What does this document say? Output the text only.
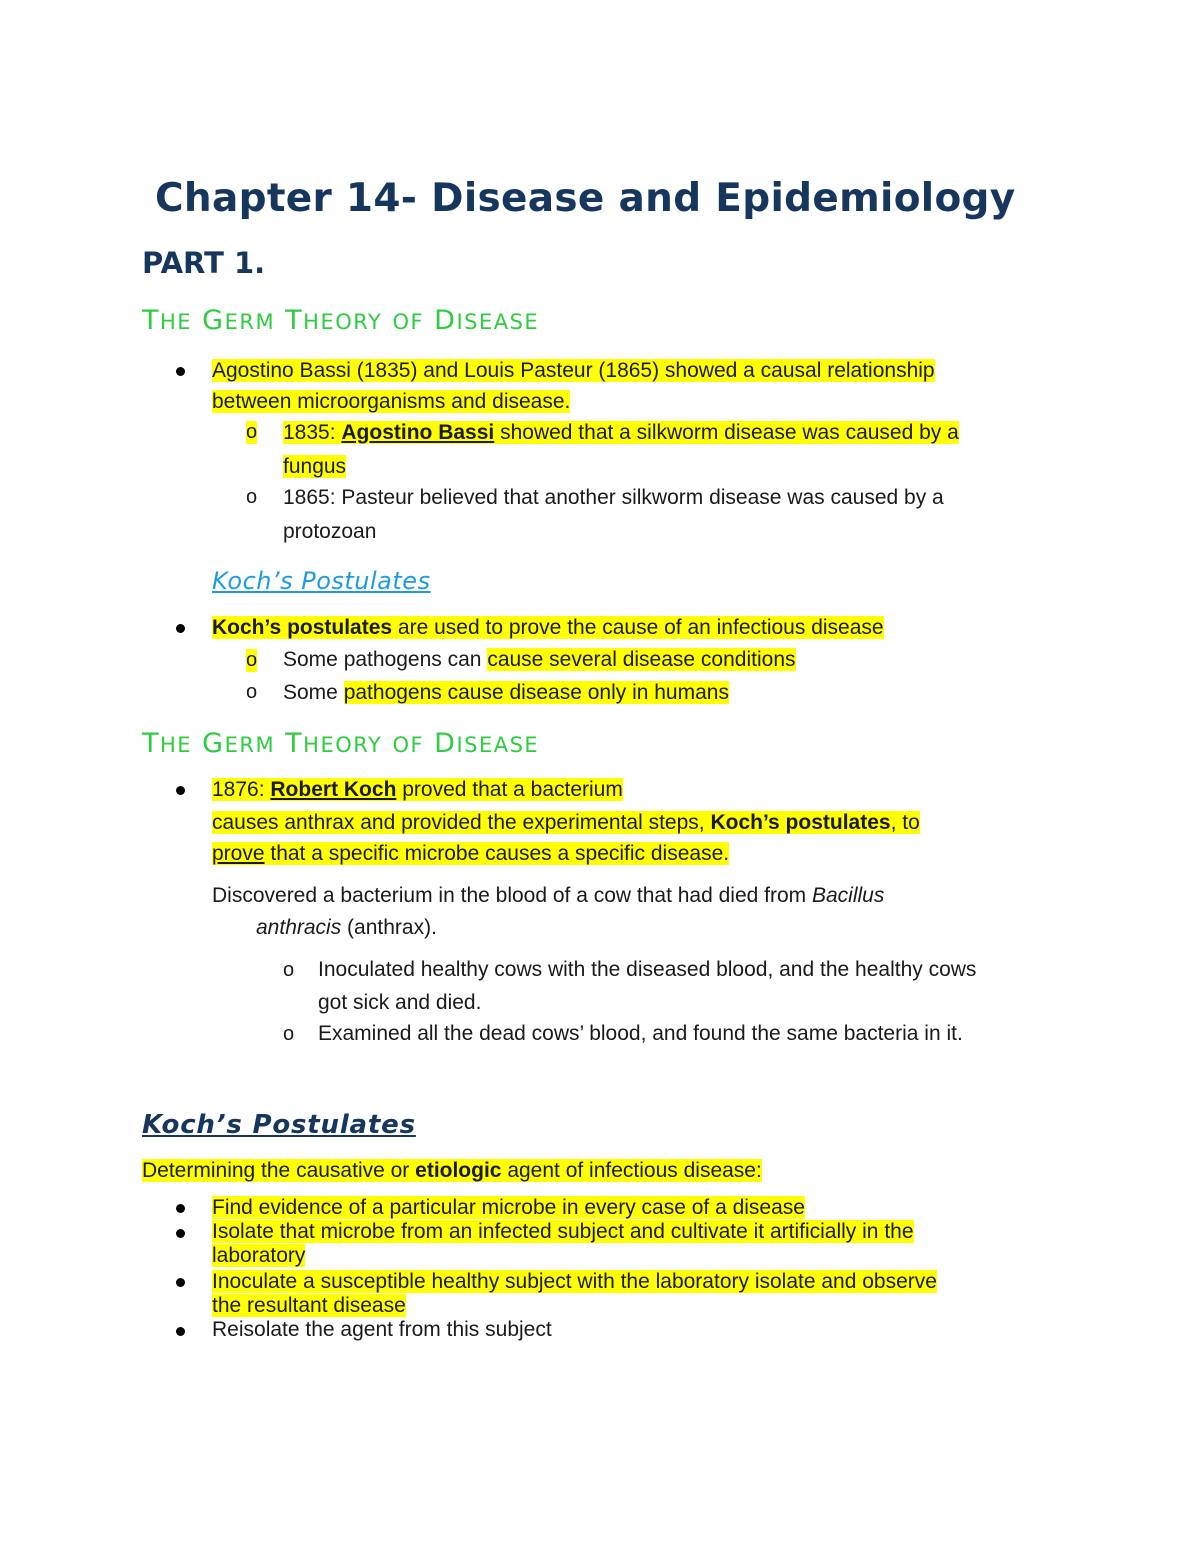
Chapter 14- Disease and Epidemiology
PART 1.
THE GERM THEORY OF DISEASE
Agostino Bassi (1835) and Louis Pasteur (1865) showed a causal relationship
between microorganisms and disease.
o 1835: Agostino Bassi showed that a silkworm disease was caused by a
fungus
o 1865: Pasteur believed that another silkworm disease was caused by a
protozoan
Koch’s Postulates
Koch’s postulates are used to prove the cause of an infectious disease
o Some pathogens can cause several disease conditions
o Some pathogens cause disease only in humans
THE GERM THEORY OF DISEASE
1876: Robert Koch proved that a bacterium
causes anthrax and provided the experimental steps, Koch’s postulates, to
prove that a specific microbe causes a specific disease.
Discovered a bacterium in the blood of a cow that had died from Bacillus
anthracis (anthrax).
o Inoculated healthy cows with the diseased blood, and the healthy cows
got sick and died.
o Examined all the dead cows’ blood, and found the same bacteria in it.
Koch’s Postulates
Determining the causative or etiologic agent of infectious disease:
Find evidence of a particular microbe in every case of a disease
Isolate that microbe from an infected subject and cultivate it artificially in the
laboratory
Inoculate a susceptible healthy subject with the laboratory isolate and observe
the resultant disease
Reisolate the agent from this subject
